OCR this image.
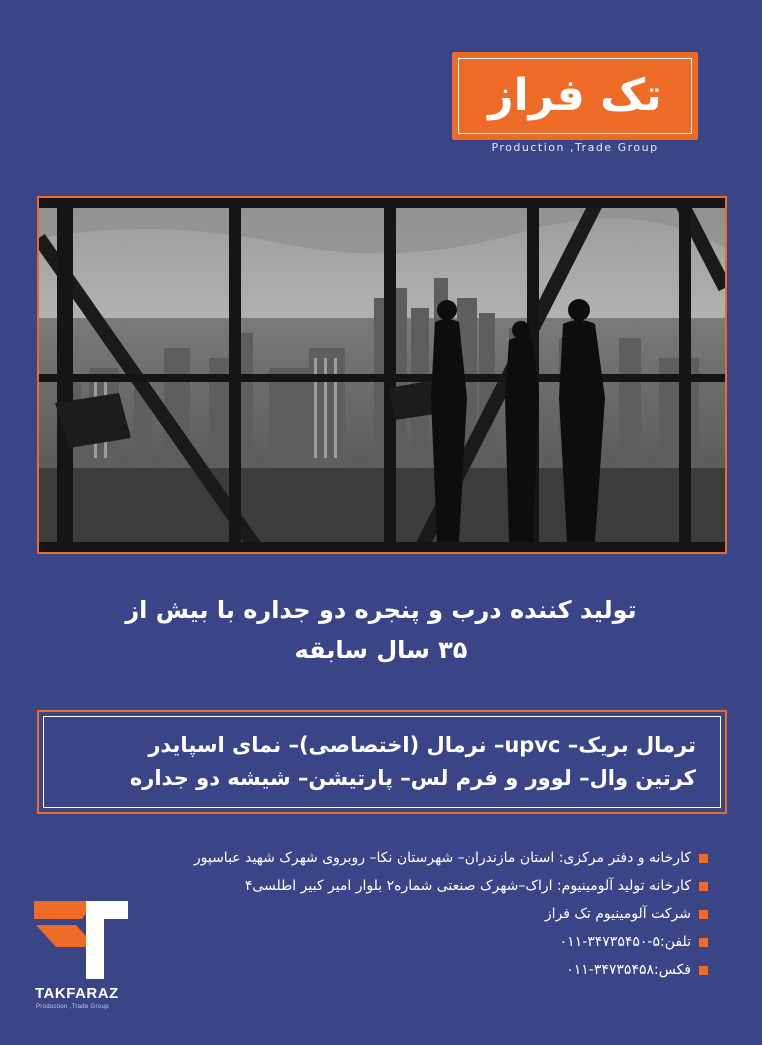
تک فراز
Production ,Trade Group
تولید کننده درب و پنجره دو جداره با بیش از
۳۵ سال سابقه
ترمال بریک– upvc– نرمال (اختصاصی)– نمای اسپایدر
کرتین وال– لوور و فرم لس– پارتیشن– شیشه دو جداره
کارخانه و دفتر مرکزی: استان مازندران– شهرستان نکا– روبروی شهرک شهید عباسپور
کارخانه تولید آلومینیوم: اراک–شهرک صنعتی شماره۲ بلوار امیر کبیر اطلسی۴
شرکت آلومینیوم تک فراز
تلفن:۵-۳۴۷۳۵۴۵۰-۰۱۱
فکس:۳۴۷۳۵۴۵۸-۰۱۱
TAKFARAZ
Production ,Trade Group
